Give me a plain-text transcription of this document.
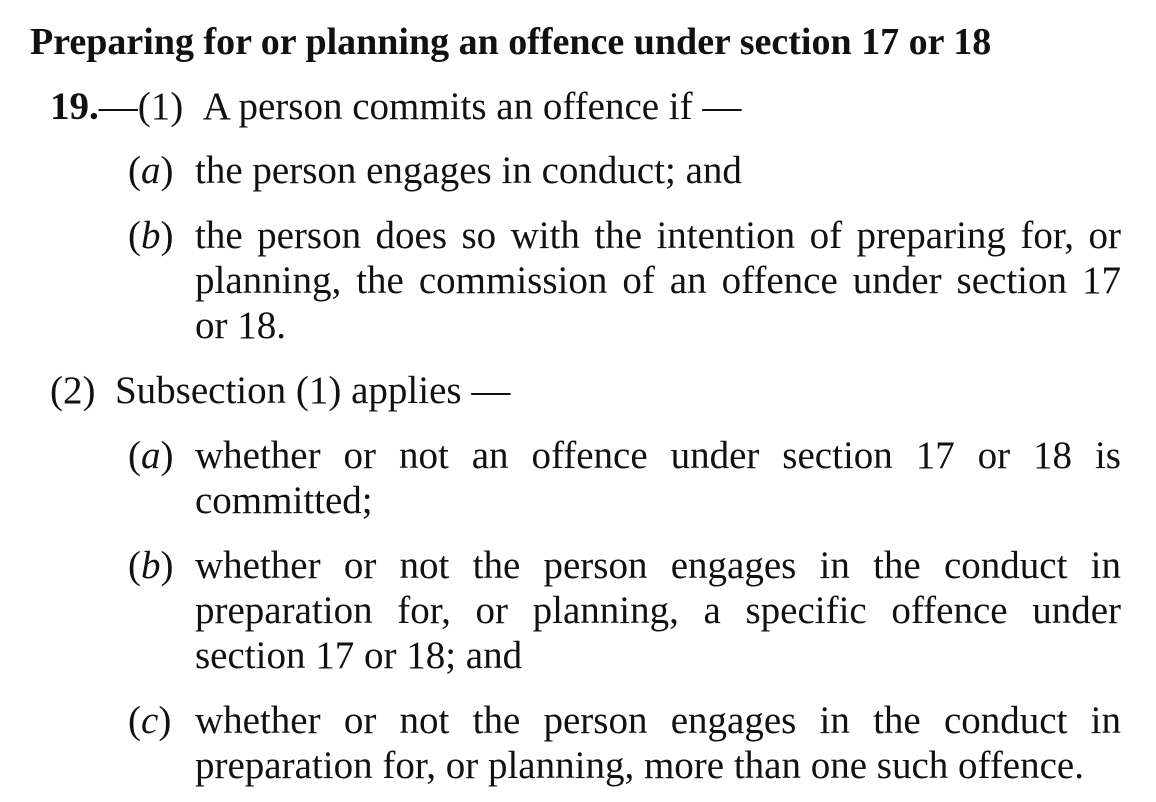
Preparing for or planning an offence under section 17 or 18
19.—(1) A person commits an offence if —
(a) the person engages in conduct; and
(b) the person does so with the intention of preparing for, or planning, the commission of an offence under section 17 or 18.
(2) Subsection (1) applies —
(a) whether or not an offence under section 17 or 18 is committed;
(b) whether or not the person engages in the conduct in preparation for, or planning, a specific offence under section 17 or 18; and
(c) whether or not the person engages in the conduct in preparation for, or planning, more than one such offence.
